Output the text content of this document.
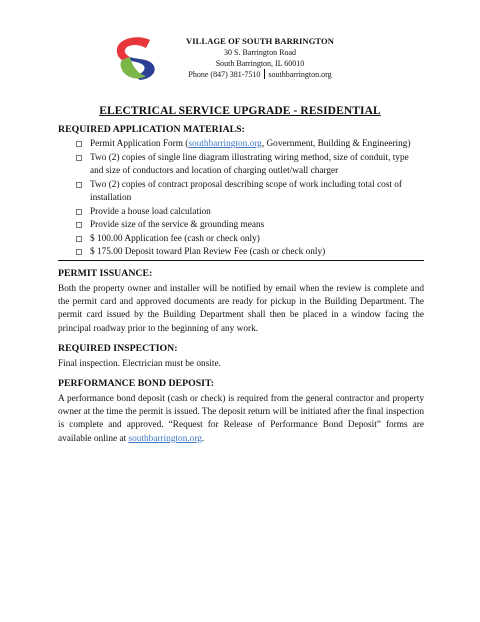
VILLAGE OF SOUTH BARRINGTON
30 S. Barrington Road
South Barrington, IL 60010
Phone (847) 381-7510 southbarrington.org
ELECTRICAL SERVICE UPGRADE - RESIDENTIAL
REQUIRED APPLICATION MATERIALS:
Permit Application Form (southbarrington.org, Government, Building & Engineering)
Two (2) copies of single line diagram illustrating wiring method, size of conduit, type and size of conductors and location of charging outlet/wall charger
Two (2) copies of contract proposal describing scope of work including total cost of installation
Provide a house load calculation
Provide size of the service & grounding means
$ 100.00 Application fee (cash or check only)
$ 175.00 Deposit toward Plan Review Fee (cash or check only)
PERMIT ISSUANCE:

Both the property owner and installer will be notified by email when the review is complete and the permit card and approved documents are ready for pickup in the Building Department. The permit card issued by the Building Department shall then be placed in a window facing the principal roadway prior to the beginning of any work.

REQUIRED INSPECTION:

Final inspection. Electrician must be onsite.

PERFORMANCE BOND DEPOSIT:

A performance bond deposit (cash or check) is required from the general contractor and property owner at the time the permit is issued. The deposit return will be initiated after the final inspection is complete and approved. “Request for Release of Performance Bond Deposit” forms are available online at southbarrington.org.
